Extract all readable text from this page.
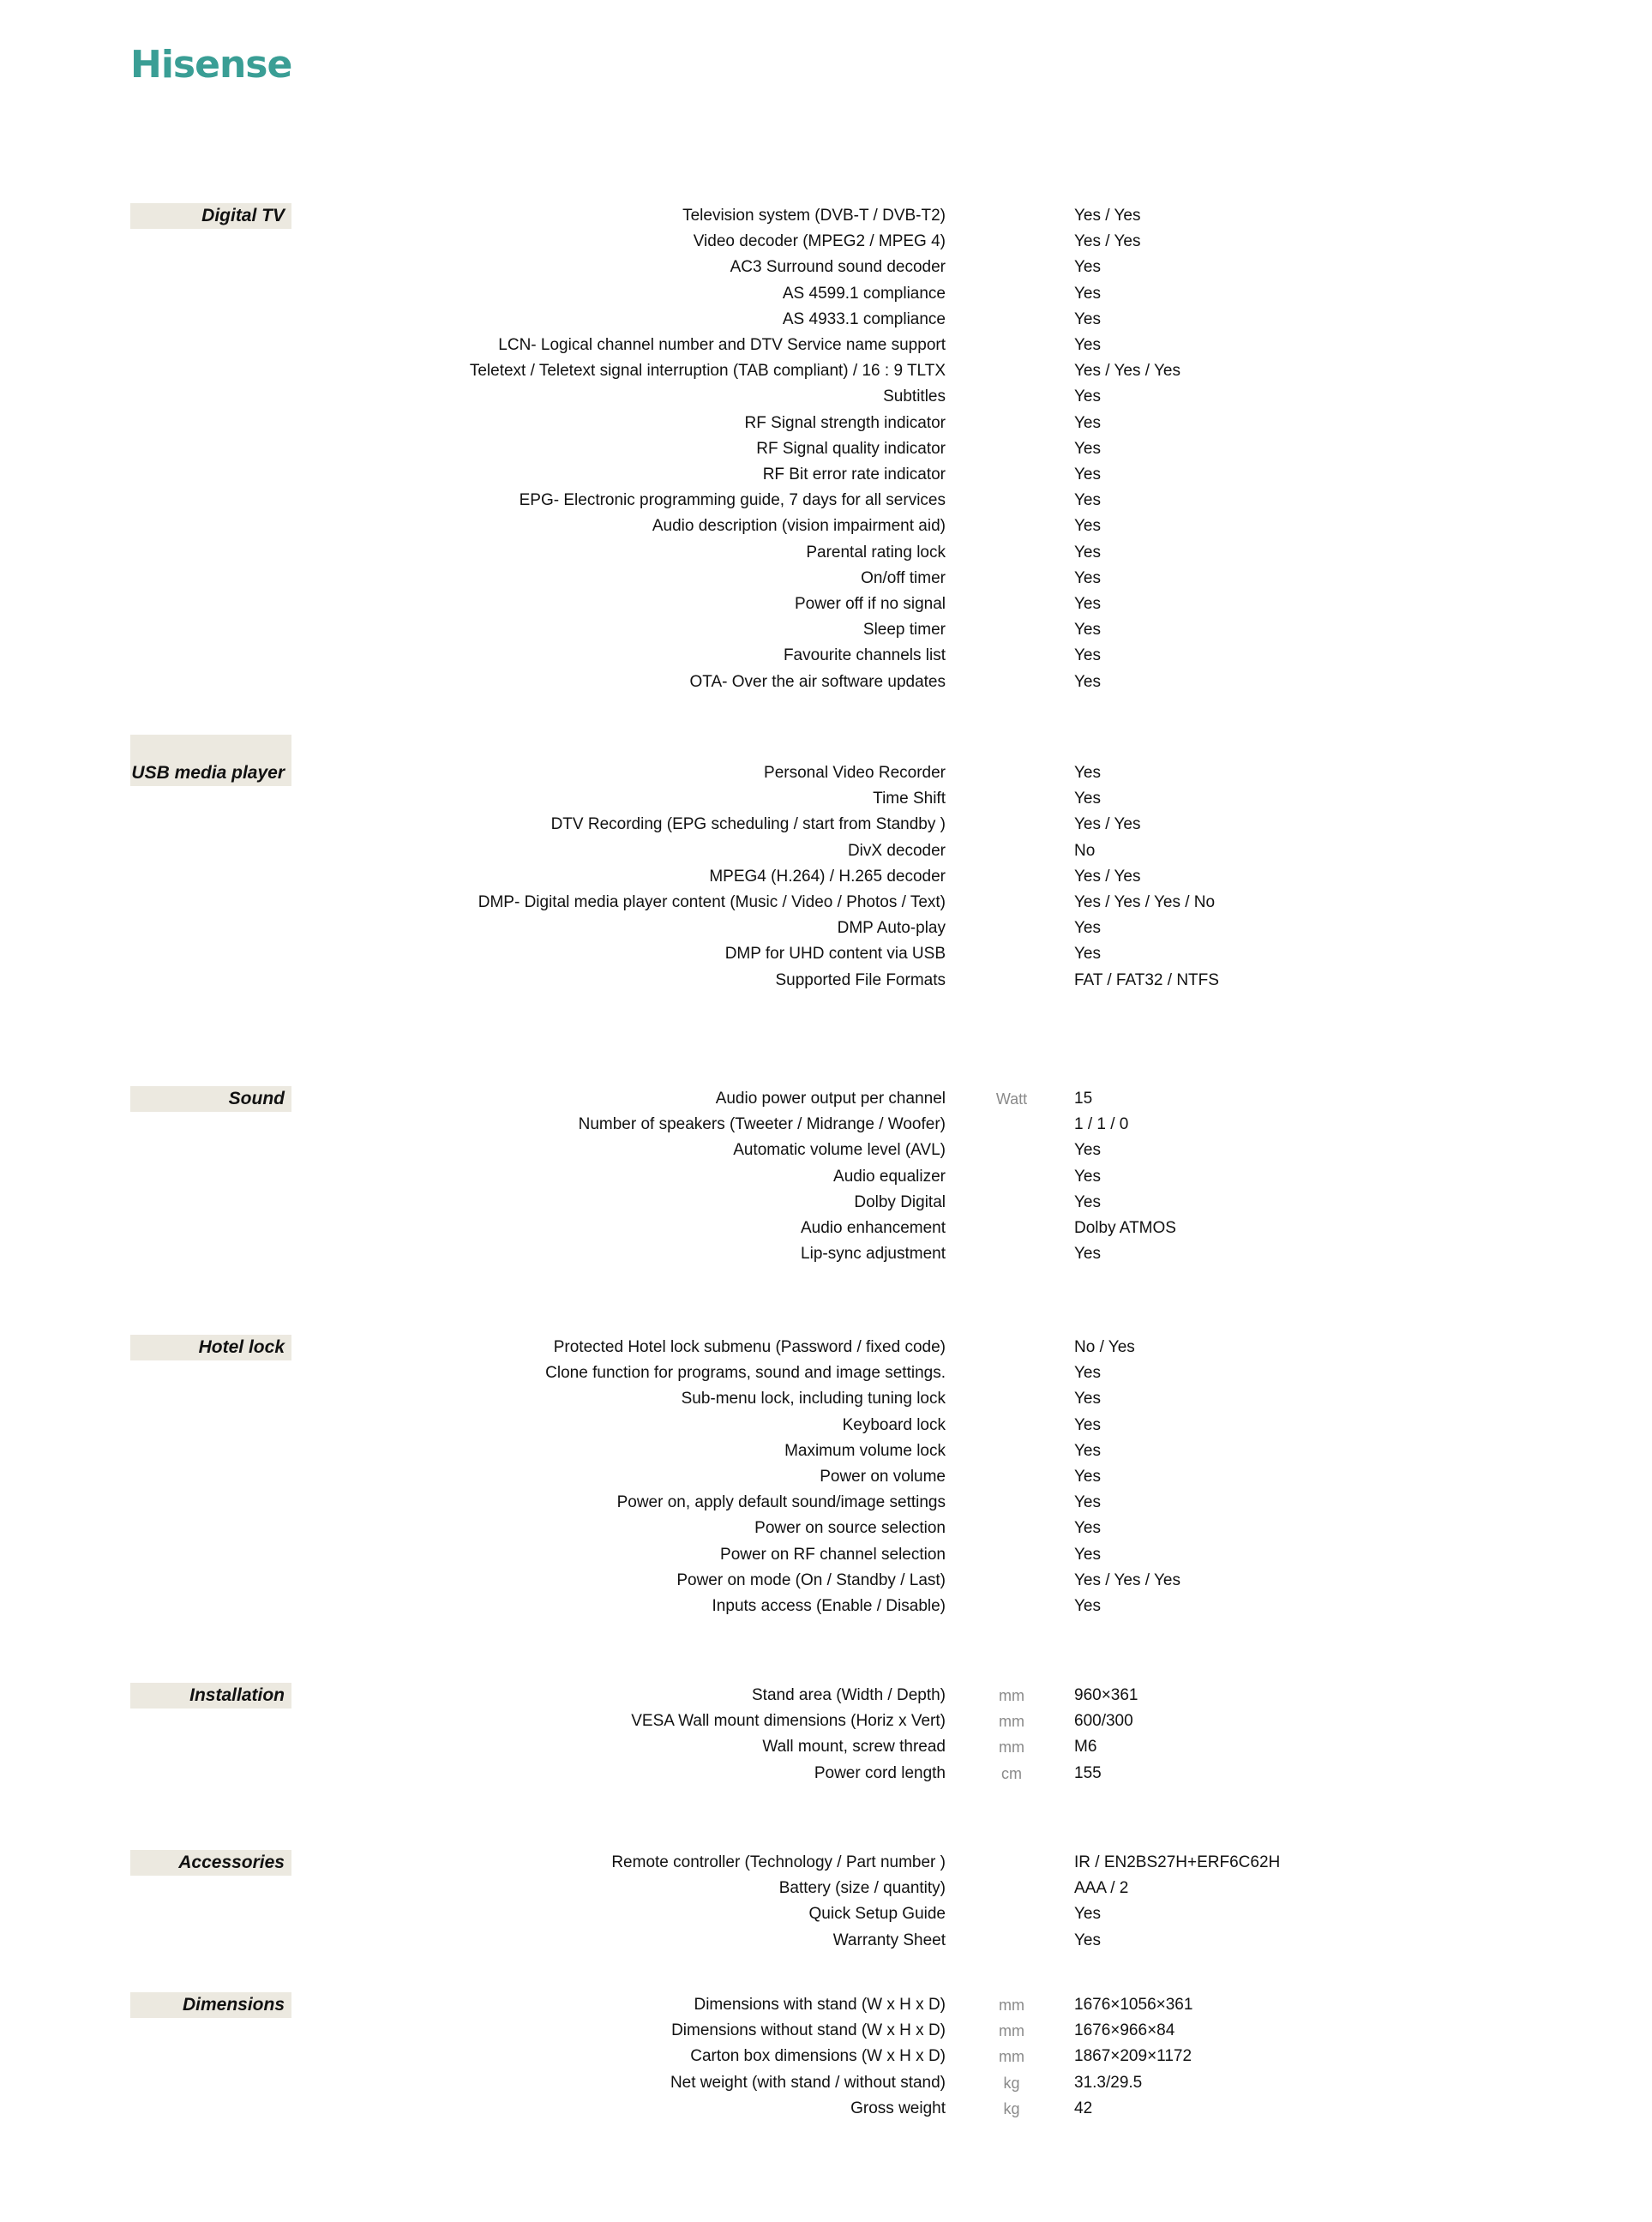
Hisense
Digital TV	Television system (DVB-T / DVB-T2)	Yes / Yes
Video decoder (MPEG2 / MPEG 4)	Yes / Yes
AC3 Surround sound decoder	Yes
AS 4599.1 compliance	Yes
AS 4933.1 compliance	Yes
LCN- Logical channel number and DTV Service name support	Yes
Teletext / Teletext signal interruption (TAB compliant) / 16 : 9 TLTX	Yes / Yes / Yes
Subtitles	Yes
RF Signal strength indicator	Yes
RF Signal quality indicator	Yes
RF Bit error rate indicator	Yes
EPG- Electronic programming guide, 7 days for all services	Yes
Audio description (vision impairment aid)	Yes
Parental rating lock	Yes
On/off timer	Yes
Power off if no signal	Yes
Sleep timer	Yes
Favourite channels list	Yes
OTA- Over the air software updates	Yes
USB media player	Personal Video Recorder	Yes
Time Shift	Yes
DTV Recording (EPG scheduling / start from Standby )	Yes / Yes
DivX decoder	No
MPEG4 (H.264) / H.265 decoder	Yes / Yes
DMP- Digital media player content (Music / Video / Photos / Text)	Yes / Yes / Yes / No
DMP Auto-play	Yes
DMP for UHD content via USB	Yes
Supported File Formats	FAT / FAT32 / NTFS
Sound	Audio power output per channel	Watt	15
Number of speakers (Tweeter / Midrange / Woofer)	1 / 1 / 0
Automatic volume level (AVL)	Yes
Audio equalizer	Yes
Dolby Digital	Yes
Audio enhancement	Dolby ATMOS
Lip-sync adjustment	Yes
Hotel lock	Protected Hotel lock submenu (Password / fixed code)	No / Yes
Clone function for programs, sound and image settings.	Yes
Sub-menu lock, including tuning lock	Yes
Keyboard lock	Yes
Maximum volume lock	Yes
Power on volume	Yes
Power on, apply default sound/image settings	Yes
Power on source selection	Yes
Power on RF channel selection	Yes
Power on mode (On / Standby / Last)	Yes / Yes / Yes
Inputs access (Enable / Disable)	Yes
Installation	Stand area (Width / Depth)	mm	960×361
VESA Wall mount dimensions (Horiz x Vert)	mm	600/300
Wall mount, screw thread	mm	M6
Power cord length	cm	155
Accessories	Remote controller (Technology / Part number )	IR / EN2BS27H+ERF6C62H
Battery (size / quantity)	AAA / 2
Quick Setup Guide	Yes
Warranty Sheet	Yes
Dimensions	Dimensions with stand (W x H x D)	mm	1676×1056×361
Dimensions without stand (W x H x D)	mm	1676×966×84
Carton box dimensions (W x H x D)	mm	1867×209×1172
Net weight (with stand / without stand)	kg	31.3/29.5
Gross weight	kg	42
